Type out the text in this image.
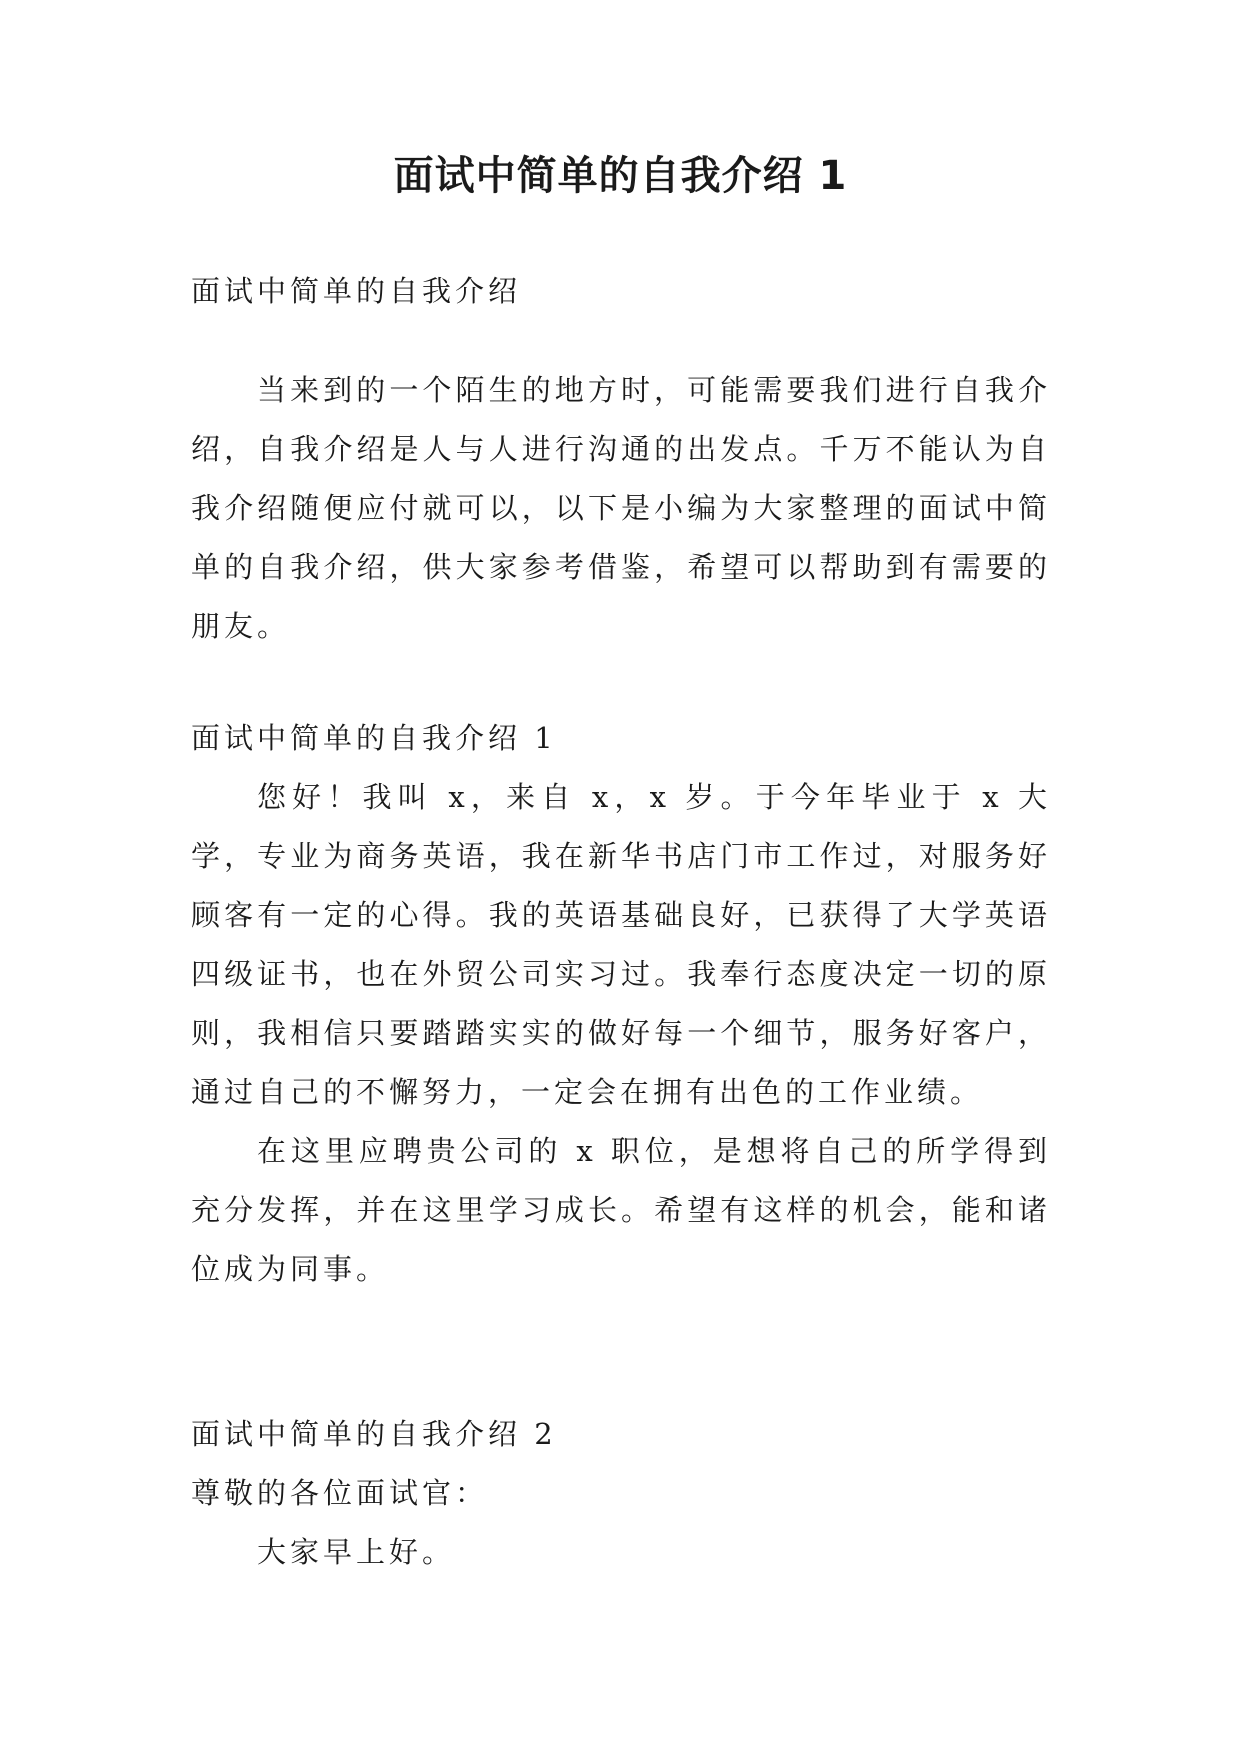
面试中简单的自我介绍 1

面试中简单的自我介绍

当来到的一个陌生的地方时，可能需要我们进行自我介绍，自我介绍是人与人进行沟通的出发点。千万不能认为自我介绍随便应付就可以，以下是小编为大家整理的面试中简单的自我介绍，供大家参考借鉴，希望可以帮助到有需要的朋友。

面试中简单的自我介绍 1

您好！我叫 x，来自 x，x 岁。于今年毕业于 x 大学，专业为商务英语，我在新华书店门市工作过，对服务好顾客有一定的心得。我的英语基础良好，已获得了大学英语四级证书，也在外贸公司实习过。我奉行态度决定一切的原则，我相信只要踏踏实实的做好每一个细节，服务好客户，通过自己的不懈努力，一定会在拥有出色的工作业绩。

在这里应聘贵公司的 x 职位，是想将自己的所学得到充分发挥，并在这里学习成长。希望有这样的机会，能和诸位成为同事。

面试中简单的自我介绍 2

尊敬的各位面试官：

大家早上好。
